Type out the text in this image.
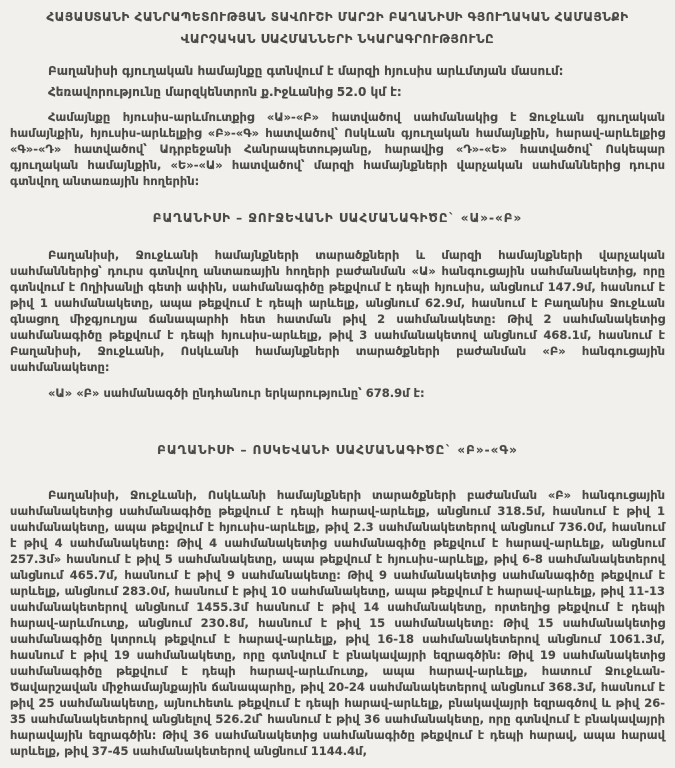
ՀԱՅԱՍՏԱՆԻ ՀԱՆՐԱՊԵՏՈՒԹՅԱՆ ՏԱՎՈՒՇԻ ՄԱՐԶԻ ԲԱՂԱՆԻՍԻ ԳՅՈՒՂԱԿԱՆ ՀԱՄԱՅՆՔԻ
ՎԱՐՉԱԿԱՆ ՍԱՀՄԱՆՆԵՐԻ ՆԿԱՐԱԳՐՈՒԹՅՈՒՆԸ
Բաղանիսի գյուղական համայնքը գտնվում է մարզի հյուսիս արևմտյան մասում:
Հեռավորությունը մարզկենտրոն ք.Իջևանից 52.0 կմ է:

Համայնքը հյուսիս-արևմուտքից «Ա»-«Բ» հատվածով սահմանակից է Ջուջևան գյուղական համայնքին, հյուսիս-արևելքից «Բ»-«Գ» հատվածով՝ Ոսկևան գյուղական համայնքին, հարավ-արևելքից «Գ»-«Դ» հատվածով՝ Ադրբեջանի Հանրապետությանը, հարավից «Դ»-«Ե» հատվածով՝ Ոսկեպար գյուղական համայնքին, «Ե»-«Ա» հատվածով՝ մարզի համայնքների վարչական սահմաններից դուրս գտնվող անտառային հողերին:

ԲԱՂԱՆԻՍԻ – ՋՈՒՋԵՎԱՆԻ ՍԱՀՄԱՆԱԳԻԾԸ` «Ա»-«Բ»

Բաղանիսի, Ջուջևանի համայնքների տարածքների և մարզի համայնքների վարչական սահմաններից՝ դուրս գտնվող անտառային հողերի բաժանման «Ա» հանգուցային սահմանակետից, որը գտնվում է Ողիխանլի գետի ափին, սահմանագիծը թեքվում է դեպի հյուսիս, անցնում 147.9մ, հասնում է թիվ 1 սահմանակետը, ապա թեքվում է դեպի արևելք, անցնում 62.9մ, հասնում է Բաղանիս Ջուջևան գնացող միջգյուղյա ճանապարհի հետ հատման թիվ 2 սահմանակետը: Թիվ 2 սահմանակետից սահմանագիծը թեքվում է դեպի հյուսիս-արևելք, թիվ 3 սահմանակետով անցնում 468.1մ, հասնում է Բաղանիսի, Ջուջևանի, Ոսկևանի համայնքների տարածքների բաժանման «Բ» հանգուցային սահմանակետը:

«Ա» «Բ» սահմանագծի ընդհանուր երկարությունը՝ 678.9մ է:
ԲԱՂԱՆԻՍԻ – ՈՍԿԵՎԱՆԻ ՍԱՀՄԱՆԱԳԻԾԸ` «Բ»-«Գ»

Բաղանիսի, Ջուջևանի, Ոսկևանի համայնքների տարածքների բաժանման «Բ» հանգուցային սահմանակետից սահմանագիծը թեքվում է դեպի հարավ-արևելք, անցնում 318.5մ, հասնում է թիվ 1 սահմանակետը, ապա թեքվում է հյուսիս-արևելք, թիվ 2.3 սահմանակետերով անցնում 736.0մ, հասնում է թիվ 4 սահմանակետը: Թիվ 4 սահմանակետից սահմանագիծը թեքվում է հարավ-արևելք, անցնում 257.3մ» հասնում է թիվ 5 սահմանակետը, ապա թեքվում է հյուսիս-արևելք, թիվ 6-8 սահմանակետերով անցնում 465.7մ, հասնում է թիվ 9 սահմանակետը: Թիվ 9 սահմանակետից սահմանագիծը թեքվում է արևելք, անցնում 283.0մ, հասնում է թիվ 10 սահմանակետը, ապա թեքվում է հարավ-արևելք, թիվ 11-13 սահմանակետերով անցնում 1455.3մ հասնում է թիվ 14 սահմանակետը, որտեղից թեքվում է դեպի հարավ-արևմուտք, անցնում 230.8մ, հասնում է թիվ 15 սահմանակետը: Թիվ 15 սահմանակետից սահմանագիծը կտրուկ թեքվում է հարավ-արևելք, թիվ 16-18 սահմանակետերով անցնում 1061.3մ, հասնում է թիվ 19 սահմանակետը, որը գտնվում է բնակավայրի եզրագծին: Թիվ 19 սահմանակետից սահմանագիծը թեքվում է դեպի հարավ-արևմուտք, ապա հարավ-արևելք, հատում Ջուջևան-Ծավարշավան միջհամայնքային ճանապարհը, թիվ 20-24 սահմանակետերով անցնում 368.3մ, հասնում է թիվ 25 սահմանակետը, այնուհետև թեքվում է դեպի հարավ-արևելք, բնակավայրի եզրագծով և թիվ 26-35 սահմանակետերով անցնելով 526.2մ՝ հասնում է թիվ 36 սահմանակետը, որը գտնվում է բնակավայրի հարավային եզրագծին: Թիվ 36 սահմանակետից սահմանագիծը թեքվում է դեպի հարավ, ապա հարավ արևելք, թիվ 37-45 սահմանակետերով անցնում 1144.4մ,
